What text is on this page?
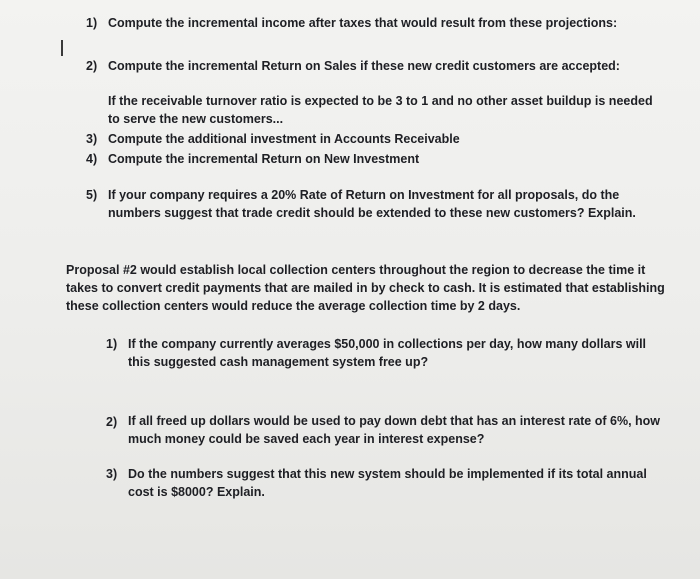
1) Compute the incremental income after taxes that would result from these projections:
2) Compute the incremental Return on Sales if these new credit customers are accepted:
If the receivable turnover ratio is expected to be 3 to 1 and no other asset buildup is needed
to serve the new customers...
3) Compute the additional investment in Accounts Receivable
4) Compute the incremental Return on New Investment
5) If your company requires a 20% Rate of Return on Investment for all proposals, do the
numbers suggest that trade credit should be extended to these new customers? Explain.
Proposal #2 would establish local collection centers throughout the region to decrease the time it
takes to convert credit payments that are mailed in by check to cash. It is estimated that establishing
these collection centers would reduce the average collection time by 2 days.
1) If the company currently averages $50,000 in collections per day, how many dollars will
this suggested cash management system free up?
2) If all freed up dollars would be used to pay down debt that has an interest rate of 6%, how
much money could be saved each year in interest expense?
3) Do the numbers suggest that this new system should be implemented if its total annual
cost is $8000? Explain.
